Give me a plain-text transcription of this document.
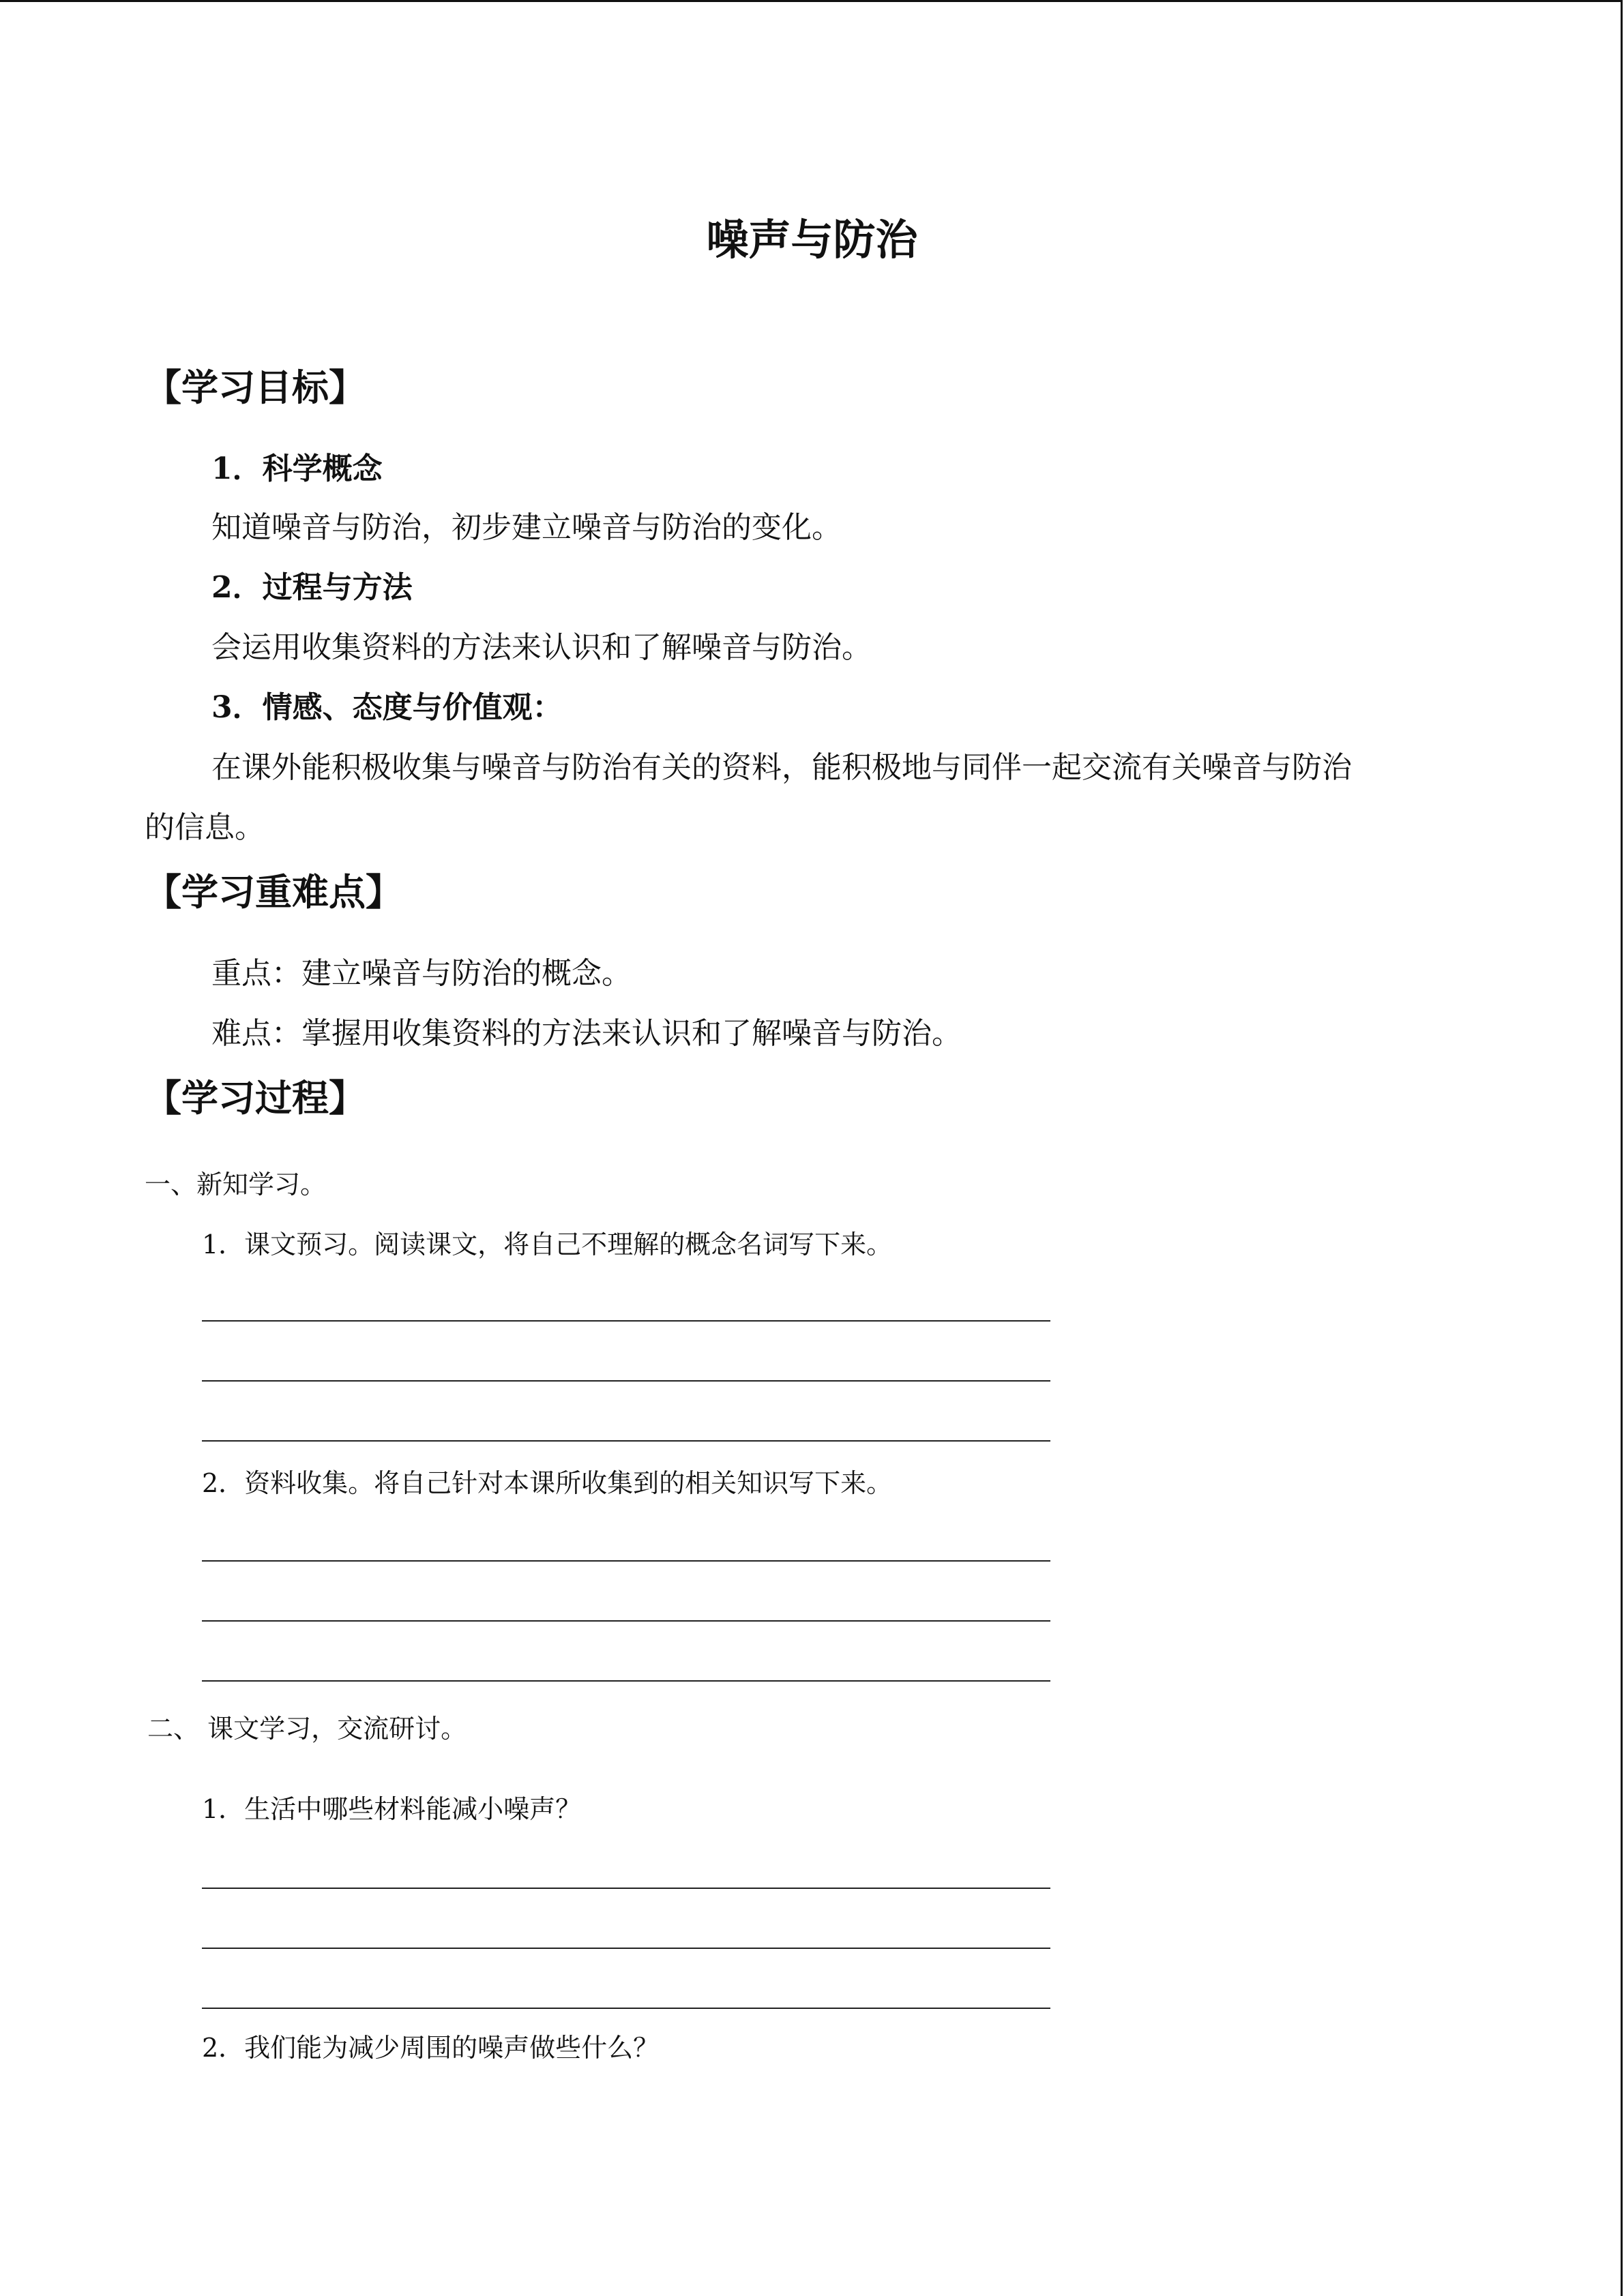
噪声与防治
【学习目标】
1．科学概念
知道噪音与防治，初步建立噪音与防治的变化。
2．过程与方法
会运用收集资料的方法来认识和了解噪音与防治。
3．情感、态度与价值观：
在课外能积极收集与噪音与防治有关的资料，能积极地与同伴一起交流有关噪音与防治
的信息。
【学习重难点】
重点：建立噪音与防治的概念。
难点：掌握用收集资料的方法来认识和了解噪音与防治。
【学习过程】
一、新知学习。
1．课文预习。阅读课文，将自己不理解的概念名词写下来。
2．资料收集。将自己针对本课所收集到的相关知识写下来。
二、 课文学习，交流研讨。
1．生活中哪些材料能减小噪声？
2．我们能为减少周围的噪声做些什么？
